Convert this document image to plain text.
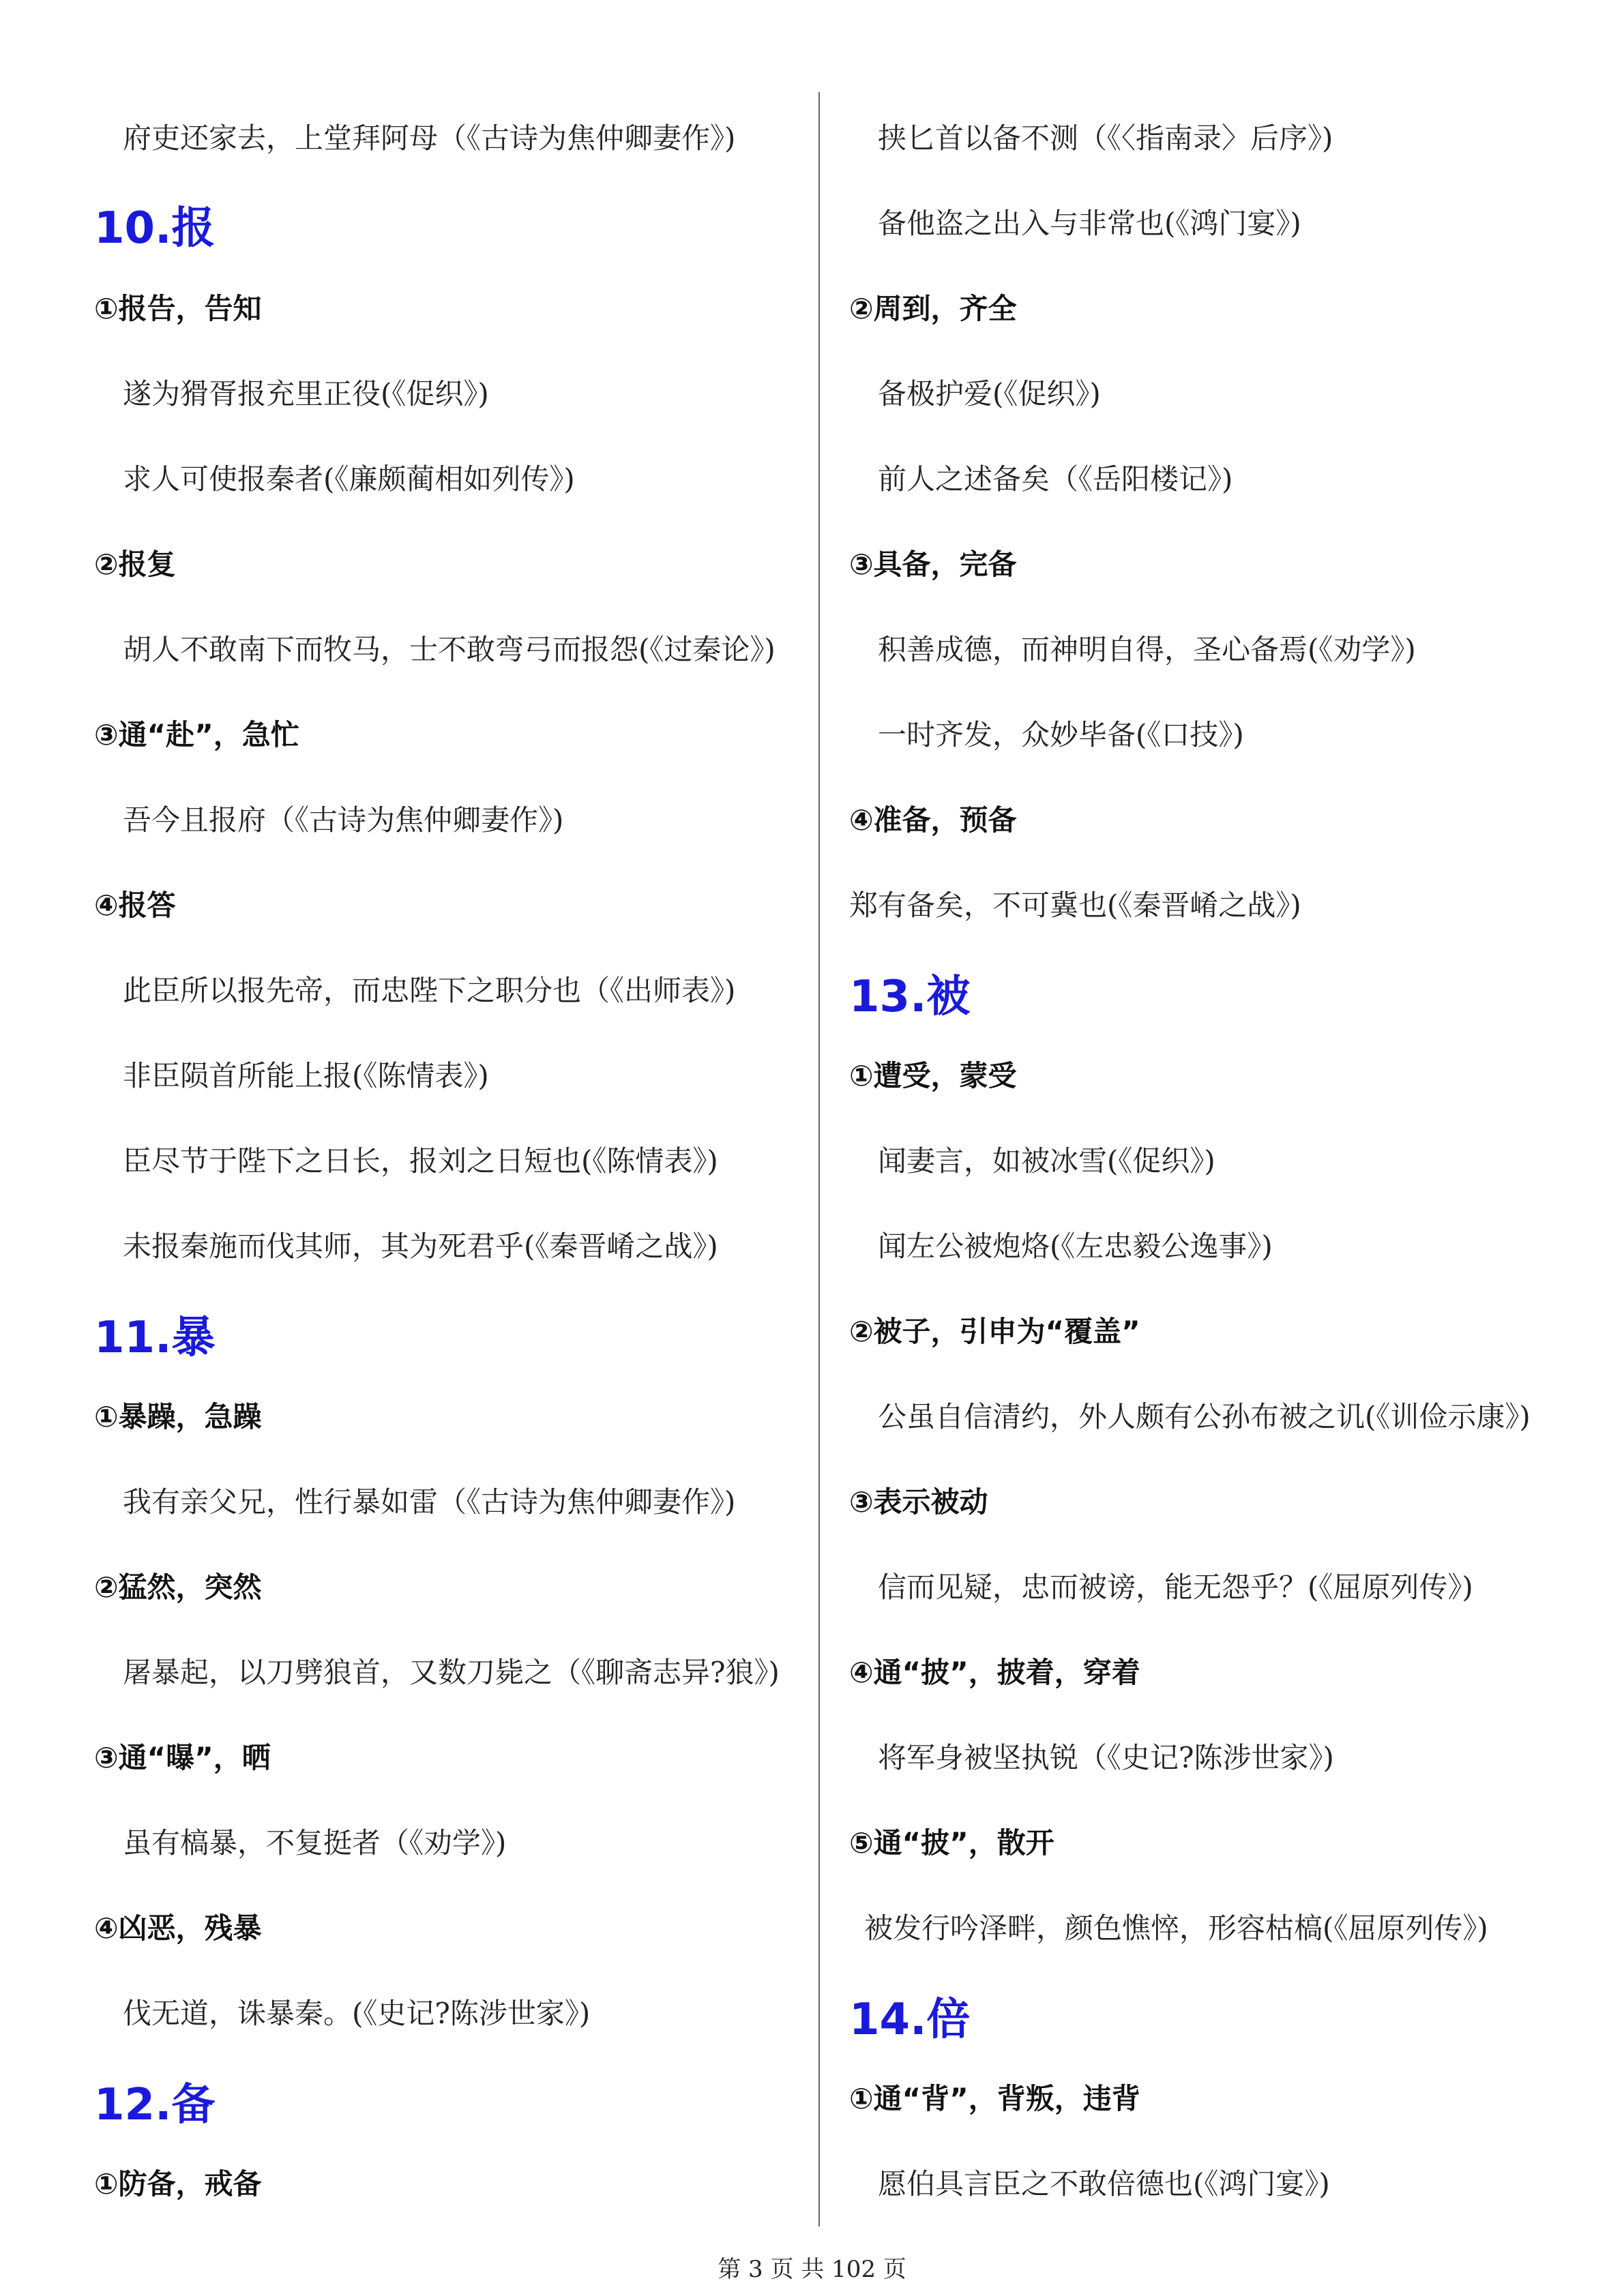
府吏还家去，上堂拜阿母（《古诗为焦仲卿妻作》)
10.报
①报告，告知
遂为猾胥报充里正役(《促织》)
求人可使报秦者(《廉颇蔺相如列传》)
②报复
胡人不敢南下而牧马，士不敢弯弓而报怨(《过秦论》)
③通“赴”，急忙
吾今且报府（《古诗为焦仲卿妻作》)
④报答
此臣所以报先帝，而忠陛下之职分也（《出师表》)
非臣陨首所能上报(《陈情表》)
臣尽节于陛下之日长，报刘之日短也(《陈情表》)
未报秦施而伐其师，其为死君乎(《秦晋崤之战》)
11.暴
①暴躁，急躁
我有亲父兄，性行暴如雷（《古诗为焦仲卿妻作》)
②猛然，突然
屠暴起，以刀劈狼首，又数刀毙之（《聊斋志异?狼》)
③通“曝”，晒
虽有槁暴，不复挺者（《劝学》)
④凶恶，残暴
伐无道，诛暴秦。(《史记?陈涉世家》)
12.备
①防备，戒备
挟匕首以备不测（《〈指南录〉后序》)
备他盗之出入与非常也(《鸿门宴》)
②周到，齐全
备极护爱(《促织》)
前人之述备矣（《岳阳楼记》)
③具备，完备
积善成德，而神明自得，圣心备焉(《劝学》)
一时齐发，众妙毕备(《口技》)
④准备，预备
郑有备矣，不可冀也(《秦晋崤之战》)
13.被
①遭受，蒙受
闻妻言，如被冰雪(《促织》)
闻左公被炮烙(《左忠毅公逸事》)
②被子，引申为“覆盖”
公虽自信清约，外人颇有公孙布被之讥(《训俭示康》)
③表示被动
信而见疑，忠而被谤，能无怨乎？(《屈原列传》)
④通“披”，披着，穿着
将军身被坚执锐（《史记?陈涉世家》)
⑤通“披”，散开
被发行吟泽畔，颜色憔悴，形容枯槁(《屈原列传》)
14.倍
①通“背”，背叛，违背
愿伯具言臣之不敢倍德也(《鸿门宴》)
第 3 页 共 102 页
